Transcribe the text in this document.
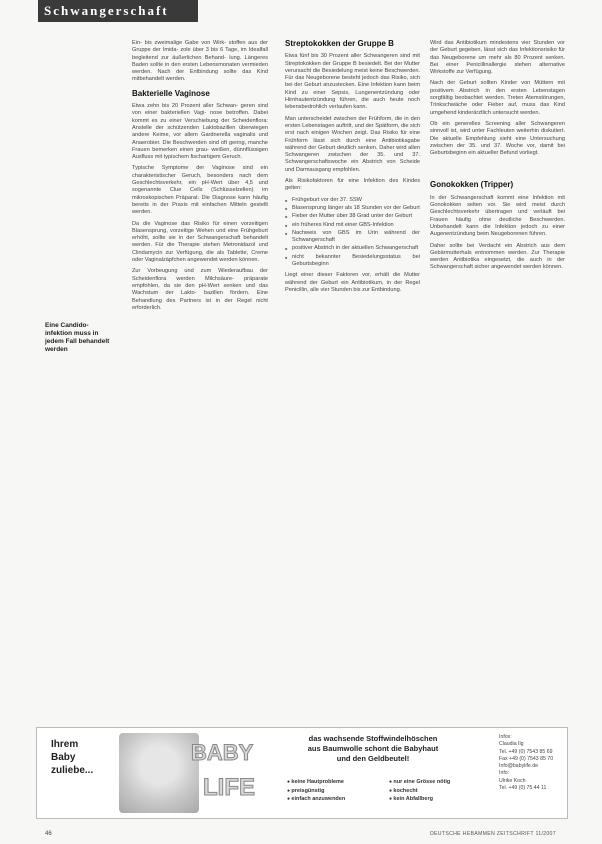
Schwangerschaft
Eine Candido-infektion muss in jedem Fall behandelt werden

Ein- bis zweimalige Gabe von Wirk- stoffen aus der Gruppe der Imida- zole über 3 bis 6 Tage, im Idealfall begleitend zur äußerlichen Behand- lung. Längeres Baden sollte in den ersten Lebensmonaten vermieden werden. Nach der Entbindung sollte das Kind mitbehandelt werden.

Bakterielle Vaginose

Etwa zehn bis 20 Prozent aller Schwan- geren sind von einer bakteriellen Vagi- nose betroffen. Dabei kommt es zu einer Verschiebung der Scheidenflora: Anstelle der schützenden Laktobazillen überwiegen andere Keime, vor allem Gardnerella vaginalis und Anaerobier. Die Beschwerden sind oft gering, manche Frauen bemerken einen grau- weißen, dünnflüssigen Ausfluss mit typischem fischartigem Geruch.

Typische Symptome der Vaginose sind ein charakteristischer Geruch, besonders nach dem Geschlechtsverkehr, ein pH-Wert über 4,5 und sogenannte Clue Cells (Schlüsselzellen) im mikroskopischen Präparat. Die Diagnose kann häufig bereits in der Praxis mit einfachen Mitteln gestellt werden.

Da die Vaginose das Risiko für einen vorzeitigen Blasensprung, vorzeitige Wehen und eine Frühgeburt erhöht, sollte sie in der Schwangerschaft behandelt werden. Für die Therapie stehen Metronidazol und Clindamycin zur Verfügung, die als Tablette, Creme oder Vaginalzäpfchen angewendet werden können.

Zur Vorbeugung und zum Wiederaufbau der Scheidenflora werden Milchsäure- präparate empfohlen, da sie den pH-Wert senken und das Wachstum der Lakto- bazillen fördern. Eine Behandlung des Partners ist in der Regel nicht erforderlich.

Streptokokken der Gruppe B

Etwa fünf bis 30 Prozent aller Schwangeren sind mit Streptokokken der Gruppe B besiedelt. Bei der Mutter verursacht die Besiedelung meist keine Beschwerden. Für das Neugeborene besteht jedoch das Risiko, sich bei der Geburt anzustecken. Eine Infektion kann beim Kind zu einer Sepsis, Lungenentzündung oder Hirnhautentzündung führen, die auch heute noch lebensbedrohlich verlaufen kann.

Man unterscheidet zwischen der Frühform, die in den ersten Lebenstagen auftritt, und der Spätform, die sich erst nach einigen Wochen zeigt. Das Risiko für eine Frühform lässt sich durch eine Antibiotikagabe während der Geburt deutlich senken. Daher wird allen Schwangeren zwischen der 35. und 37. Schwangerschaftswoche ein Abstrich von Scheide und Darmausgang empfohlen.

Als Risikofaktoren für eine Infektion des Kindes gelten:

■ Frühgeburt vor der 37. SSW
■ Blasensprung länger als 18 Stunden vor der Geburt
■ Fieber der Mutter über 38 Grad unter der Geburt
■ ein früheres Kind mit einer GBS-Infektion
■ Nachweis von GBS im Urin während der Schwangerschaft
■ positiver Abstrich in der aktuellen Schwangerschaft
■ nicht bekannter Besiedelungsstatus bei Geburtsbeginn

Liegt einer dieser Faktoren vor, erhält die Mutter während der Geburt ein Antibiotikum, in der Regel Penicillin, alle vier Stunden bis zur Entbindung.

Wird das Antibiotikum mindestens vier Stunden vor der Geburt gegeben, lässt sich das Infektionsrisiko für das Neugeborene um mehr als 80 Prozent senken. Bei einer Penicillinallergie stehen alternative Wirkstoffe zur Verfügung.

Nach der Geburt sollten Kinder von Müttern mit positivem Abstrich in den ersten Lebenstagen sorgfältig beobachtet werden. Treten Atemstörungen, Trinkschwäche oder Fieber auf, muss das Kind umgehend kinderärztlich untersucht werden.

Ob ein generelles Screening aller Schwangeren sinnvoll ist, wird unter Fachleuten weiterhin diskutiert. Die aktuelle Empfehlung sieht eine Untersuchung zwischen der 35. und 37. Woche vor, damit bei Geburtsbeginn ein aktueller Befund vorliegt.

Gonokokken (Tripper)

In der Schwangerschaft kommt eine Infektion mit Gonokokken selten vor. Sie wird meist durch Geschlechtsverkehr übertragen und verläuft bei Frauen häufig ohne deutliche Beschwerden. Unbehandelt kann die Infektion jedoch zu einer Augenentzündung beim Neugeborenen führen.

Daher sollte bei Verdacht ein Abstrich aus dem Gebärmutterhals entnommen werden. Zur Therapie werden Antibiotika eingesetzt, die auch in der Schwangerschaft sicher angewendet werden können.

Ihrem
Baby
zuliebe...
BABY
LIFE
das wachsende Stoffwindelhöschen
aus Baumwolle schont die Babyhaut
und den Geldbeutel!
● keine Hautprobleme
● preisgünstig
● einfach anzuwenden
● nur eine Grösse nötig
● kochecht
● kein Abfallberg
Infos:
Claudia Ilg
Tel. +49 (0) 7543 85 69
Fax +49 (0) 7543 85 70
Info@babylife.de
Info:
Ulrike Koch
Tel. +49 (0) 75 44 11
46	DEUTSCHE HEBAMMEN ZEITSCHRIFT 11/2007
